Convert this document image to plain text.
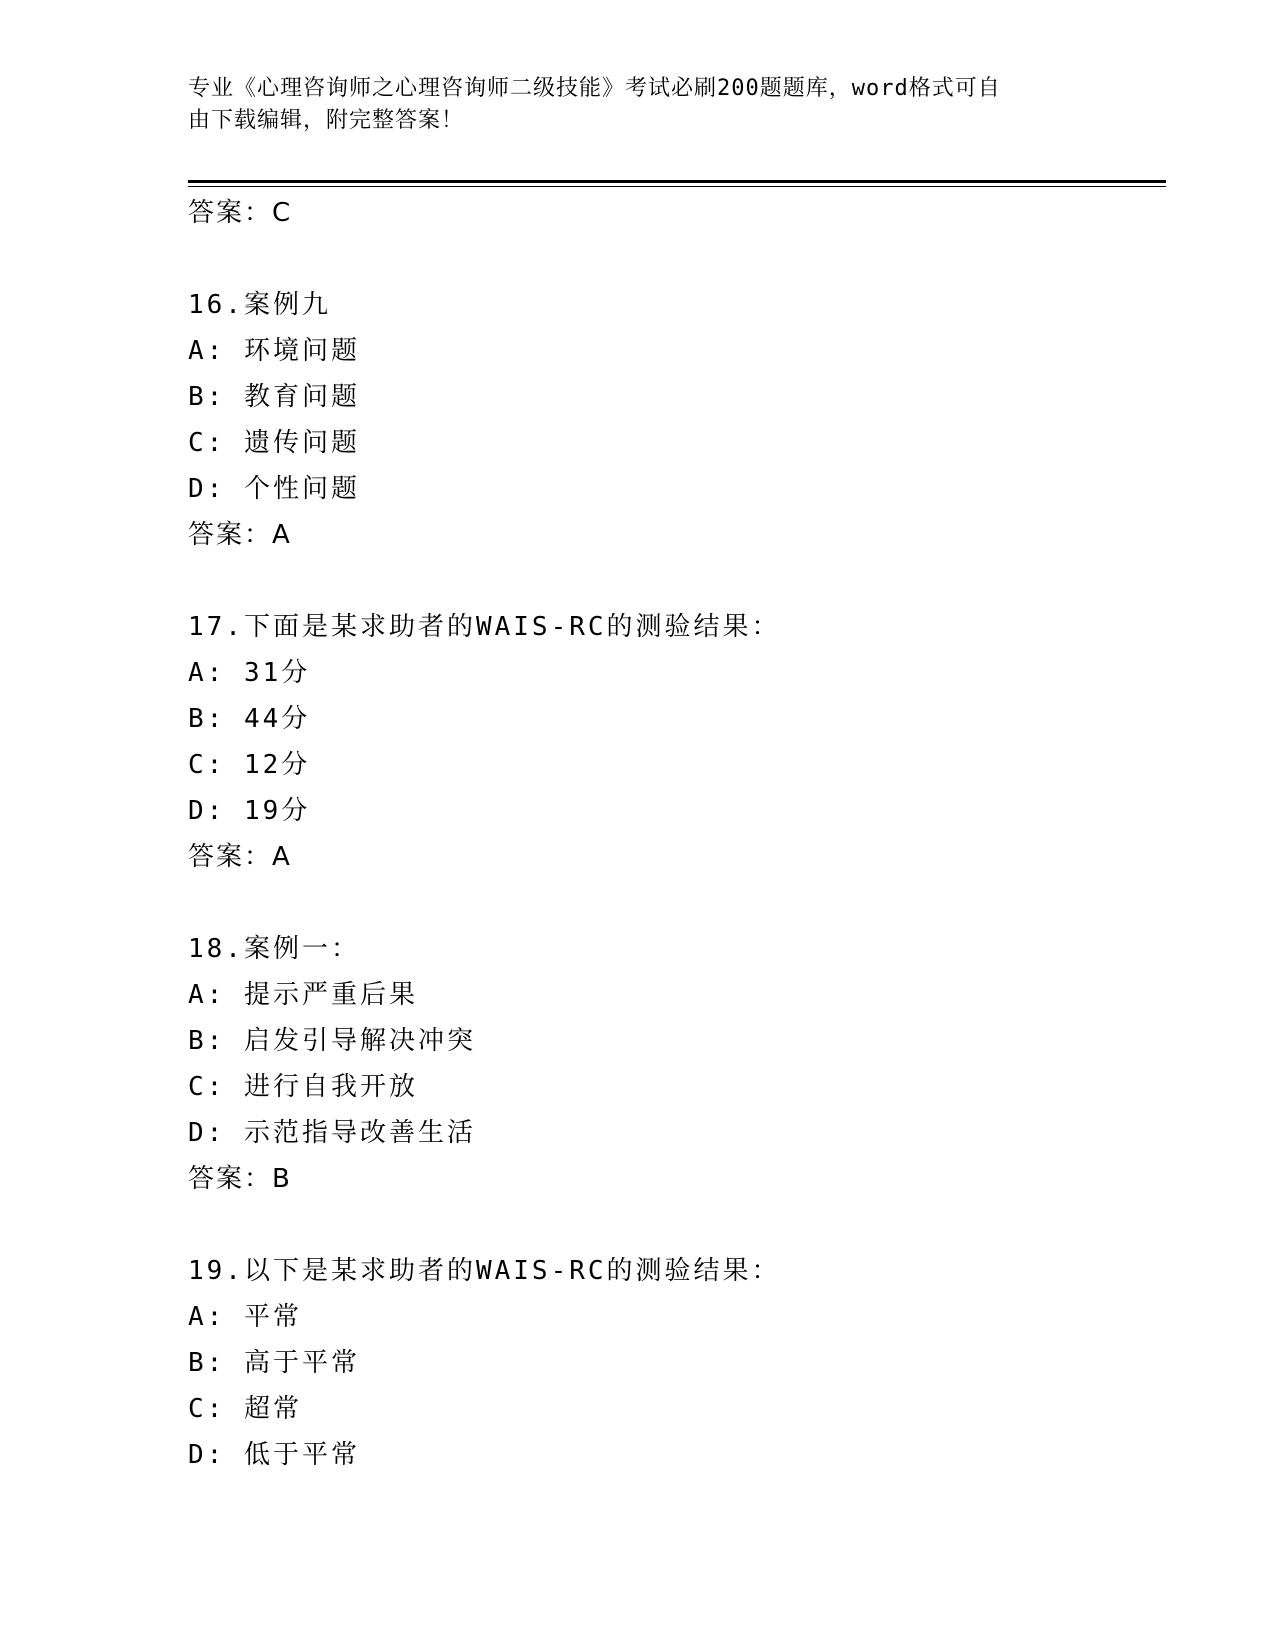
专业《心理咨询师之心理咨询师二级技能》考试必刷200题题库，word格式可自
由下载编辑，附完整答案！
答案：C
16.案例九
A: 环境问题
B: 教育问题
C: 遗传问题
D: 个性问题
答案：A
17.下面是某求助者的WAIS-RC的测验结果：
A: 31分
B: 44分
C: 12分
D: 19分
答案：A
18.案例一：
A: 提示严重后果
B: 启发引导解决冲突
C: 进行自我开放
D: 示范指导改善生活
答案：B
19.以下是某求助者的WAIS-RC的测验结果：
A: 平常
B: 高于平常
C: 超常
D: 低于平常
